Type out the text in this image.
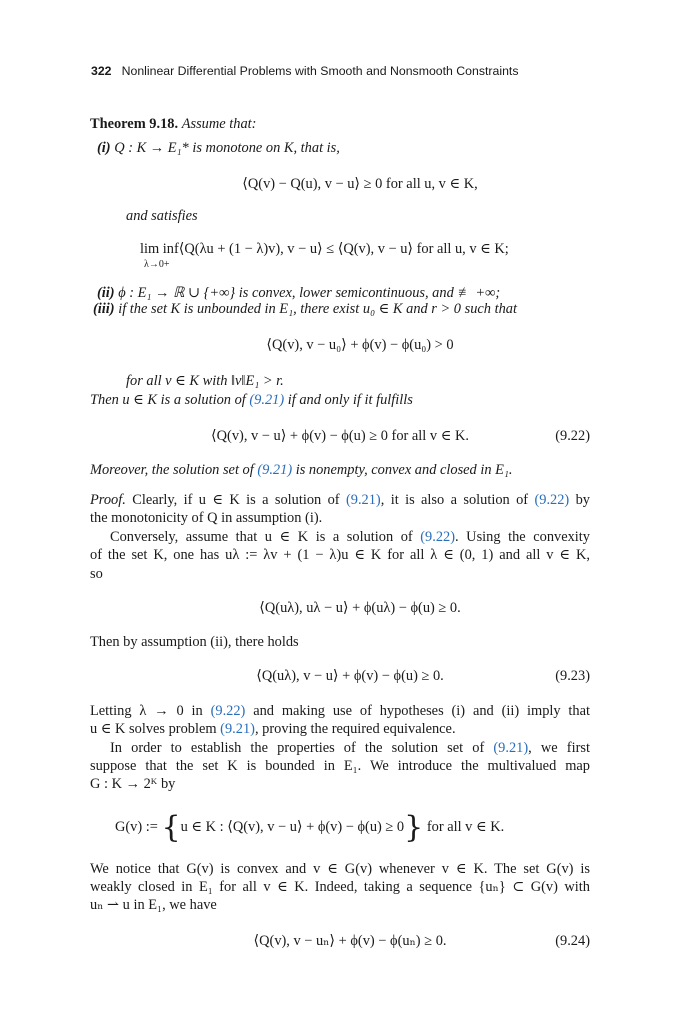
322 Nonlinear Differential Problems with Smooth and Nonsmooth Constraints
Theorem 9.18. Assume that:
(i) Q : K → E₁* is monotone on K, that is,
⟨Q(v) − Q(u), v − u⟩ ≥ 0 for all u, v ∈ K,
and satisfies
lim inf⟨Q(λu + (1 − λ)v), v − u⟩ ≤ ⟨Q(v), v − u⟩ for all u, v ∈ K;
λ→0+
(ii) ϕ : E₁ → ℝ ∪ {+∞} is convex, lower semicontinuous, and ≢ +∞;
(iii) if the set K is unbounded in E₁, there exist u₀ ∈ K and r > 0 such that
⟨Q(v), v − u₀⟩ + ϕ(v) − ϕ(u₀) > 0
for all v ∈ K with ‖v‖E₁ > r.
Then u ∈ K is a solution of (9.21) if and only if it fulfills
⟨Q(v), v − u⟩ + ϕ(v) − ϕ(u) ≥ 0 for all v ∈ K.	(9.22)
Moreover, the solution set of (9.21) is nonempty, convex and closed in E₁.
Proof. Clearly, if u ∈ K is a solution of (9.21), it is also a solution of (9.22) by
the monotonicity of Q in assumption (i).
Conversely, assume that u ∈ K is a solution of (9.22). Using the convexity
of the set K, one has uλ := λv + (1 − λ)u ∈ K for all λ ∈ (0, 1) and all v ∈ K,
so
⟨Q(uλ), uλ − u⟩ + ϕ(uλ) − ϕ(u) ≥ 0.
Then by assumption (ii), there holds
⟨Q(uλ), v − u⟩ + ϕ(v) − ϕ(u) ≥ 0.	(9.23)
Letting λ → 0 in (9.22) and making use of hypotheses (i) and (ii) imply that
u ∈ K solves problem (9.21), proving the required equivalence.
In order to establish the properties of the solution set of (9.21), we first
suppose that the set K is bounded in E₁. We introduce the multivalued map
G : K → 2ᴷ by
G(v) := {u ∈ K : ⟨Q(v), v − u⟩ + ϕ(v) − ϕ(u) ≥ 0} for all v ∈ K.
We notice that G(v) is convex and v ∈ G(v) whenever v ∈ K. The set G(v) is
weakly closed in E₁ for all v ∈ K. Indeed, taking a sequence {uₙ} ⊂ G(v) with
uₙ ⇀ u in E₁, we have
⟨Q(v), v − uₙ⟩ + ϕ(v) − ϕ(uₙ) ≥ 0.	(9.24)
